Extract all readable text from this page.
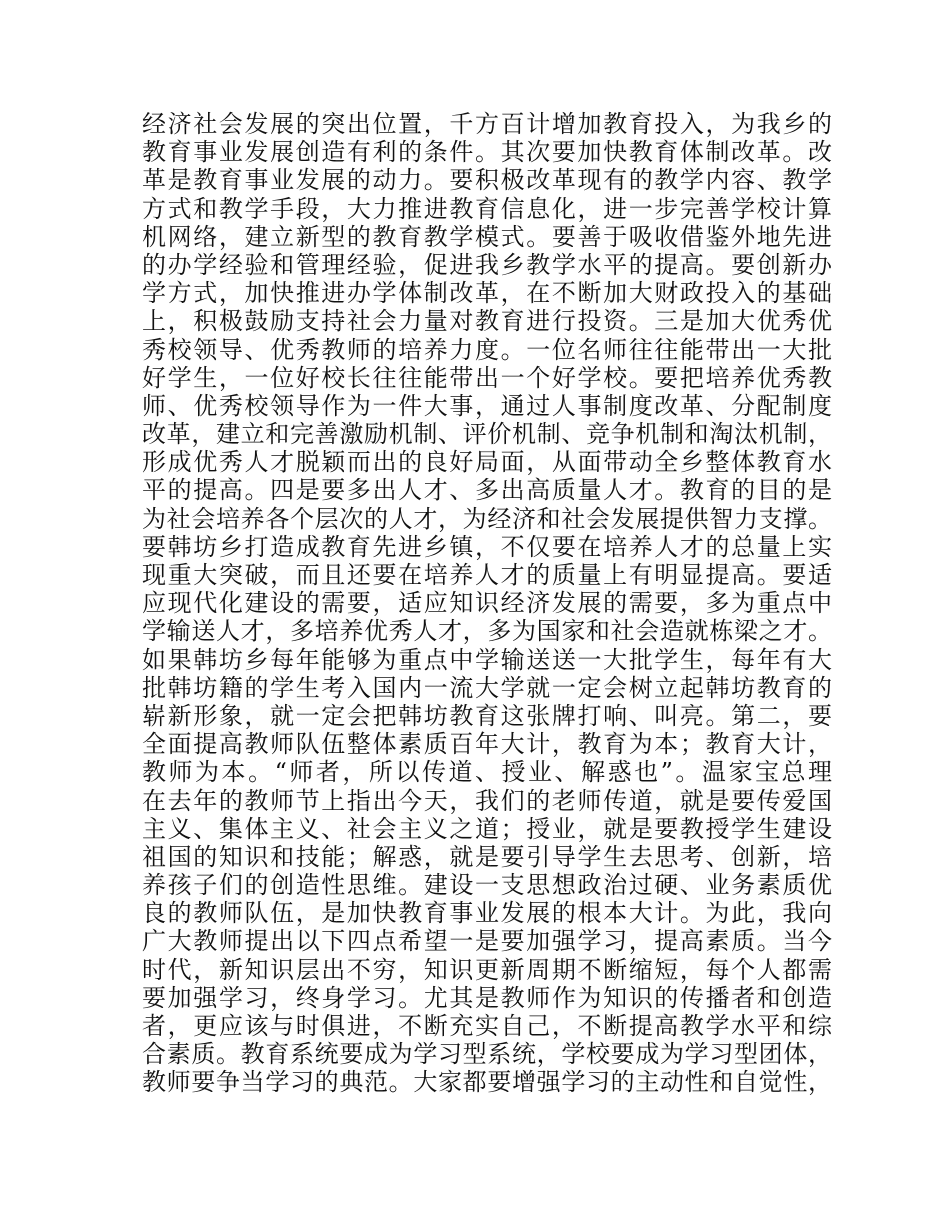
经济社会发展的突出位置，千方百计增加教育投入，为我乡的
教育事业发展创造有利的条件。其次要加快教育体制改革。改
革是教育事业发展的动力。要积极改革现有的教学内容、教学
方式和教学手段，大力推进教育信息化，进一步完善学校计算
机网络，建立新型的教育教学模式。要善于吸收借鉴外地先进
的办学经验和管理经验，促进我乡教学水平的提高。要创新办
学方式，加快推进办学体制改革，在不断加大财政投入的基础
上，积极鼓励支持社会力量对教育进行投资。三是加大优秀优
秀校领导、优秀教师的培养力度。一位名师往往能带出一大批
好学生，一位好校长往往能带出一个好学校。要把培养优秀教
师、优秀校领导作为一件大事，通过人事制度改革、分配制度
改革，建立和完善激励机制、评价机制、竞争机制和淘汰机制，
形成优秀人才脱颖而出的良好局面，从面带动全乡整体教育水
平的提高。四是要多出人才、多出高质量人才。教育的目的是
为社会培养各个层次的人才，为经济和社会发展提供智力支撑。
要韩坊乡打造成教育先进乡镇，不仅要在培养人才的总量上实
现重大突破，而且还要在培养人才的质量上有明显提高。要适
应现代化建设的需要，适应知识经济发展的需要，多为重点中
学输送人才，多培养优秀人才，多为国家和社会造就栋梁之才。
如果韩坊乡每年能够为重点中学输送送一大批学生，每年有大
批韩坊籍的学生考入国内一流大学就一定会树立起韩坊教育的
崭新形象，就一定会把韩坊教育这张牌打响、叫亮。第二，要
全面提高教师队伍整体素质百年大计，教育为本；教育大计，
教师为本。“师者，所以传道、授业、解惑也”。温家宝总理
在去年的教师节上指出今天，我们的老师传道，就是要传爱国
主义、集体主义、社会主义之道；授业，就是要教授学生建设
祖国的知识和技能；解惑，就是要引导学生去思考、创新，培
养孩子们的创造性思维。建设一支思想政治过硬、业务素质优
良的教师队伍，是加快教育事业发展的根本大计。为此，我向
广大教师提出以下四点希望一是要加强学习，提高素质。当今
时代，新知识层出不穷，知识更新周期不断缩短，每个人都需
要加强学习，终身学习。尤其是教师作为知识的传播者和创造
者，更应该与时俱进，不断充实自己，不断提高教学水平和综
合素质。教育系统要成为学习型系统，学校要成为学习型团体，
教师要争当学习的典范。大家都要增强学习的主动性和自觉性，
